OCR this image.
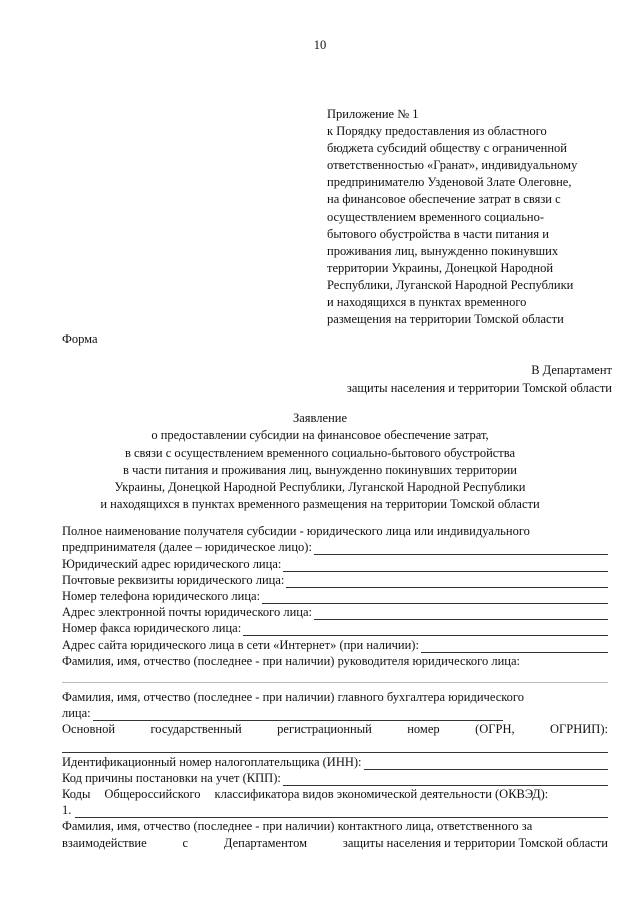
10
Приложение № 1
к Порядку предоставления из областного
бюджета субсидий обществу с ограниченной
ответственностью «Гранат», индивидуальному
предпринимателю Узденовой Злате Олеговне,
на финансовое обеспечение затрат в связи с
осуществлением временного социально-
бытового обустройства в части питания и
проживания лиц, вынужденно покинувших
территории Украины, Донецкой Народной
Республики, Луганской Народной Республики
и находящихся в пунктах временного
размещения на территории Томской области
Форма
В Департамент
защиты населения и территории Томской области
Заявление
о предоставлении субсидии на финансовое обеспечение затрат,
в связи с осуществлением временного социально-бытового обустройства
в части питания и проживания лиц, вынужденно покинувших территории
Украины, Донецкой Народной Республики, Луганской Народной Республики
и находящихся в пунктах временного размещения на территории Томской области
Полное наименование получателя субсидии - юридического лица или индивидуального
предпринимателя (далее – юридическое лицо):
Юридический адрес юридического лица:
Почтовые реквизиты юридического лица:
Номер телефона юридического лица:
Адрес электронной почты юридического лица:
Номер факса юридического лица:
Адрес сайта юридического лица в сети «Интернет» (при наличии):
Фамилия, имя, отчество (последнее - при наличии) руководителя юридического лица:
Фамилия, имя, отчество (последнее - при наличии) главного бухгалтера юридического
лица:
Основной	государственный	регистрационный	номер	(ОГРН,	ОГРНИП):
Идентификационный номер налогоплательщика (ИНН):
Код причины постановки на учет (КПП):
Коды Общероссийского классификатора видов экономической деятельности (ОКВЭД):
1.
Фамилия, имя, отчество (последнее - при наличии) контактного лица, ответственного за
взаимодействие	с	Департаментом	защиты населения и территории Томской области
